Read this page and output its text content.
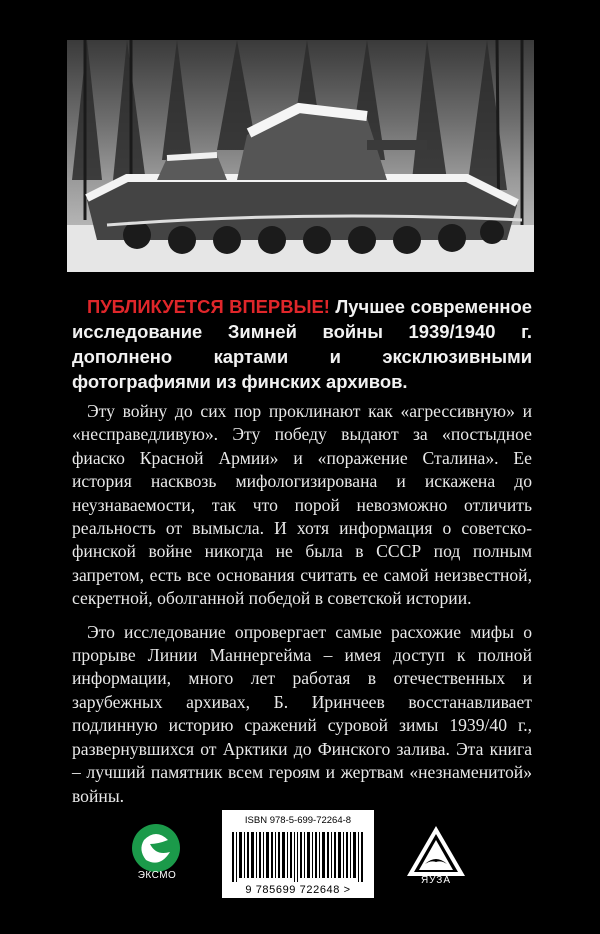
ПУБЛИКУЕТСЯ ВПЕРВЫЕ! Лучшее современное исследование Зимней войны 1939/1940 г. дополнено картами и эксклюзивными фотографиями из финских архивов.

Эту войну до сих пор проклинают как «агрессивную» и «несправедливую». Эту победу выдают за «постыдное фиаско Красной Армии» и «поражение Сталина». Ее история насквозь мифологизирована и искажена до неузнаваемости, так что порой невозможно отличить реальность от вымысла. И хотя информация о советско-финской войне никогда не была в СССР под полным запретом, есть все основания считать ее самой неизвестной, секретной, оболганной победой в советской истории.

Это исследование опровергает самые расхожие мифы о прорыве Линии Маннергейма – имея доступ к полной информации, много лет работая в отечественных и зарубежных архивах, Б. Иринчеев восстанавливает подлинную историю сражений суровой зимы 1939/40 г., развернувшихся от Арктики до Финского залива. Эта книга – лучший памятник всем героям и жертвам «незнаменитой» войны.

ЭКСМО
ISBN 978-5-699-72264-8
9 785699 722648 >
ЯУЗА
